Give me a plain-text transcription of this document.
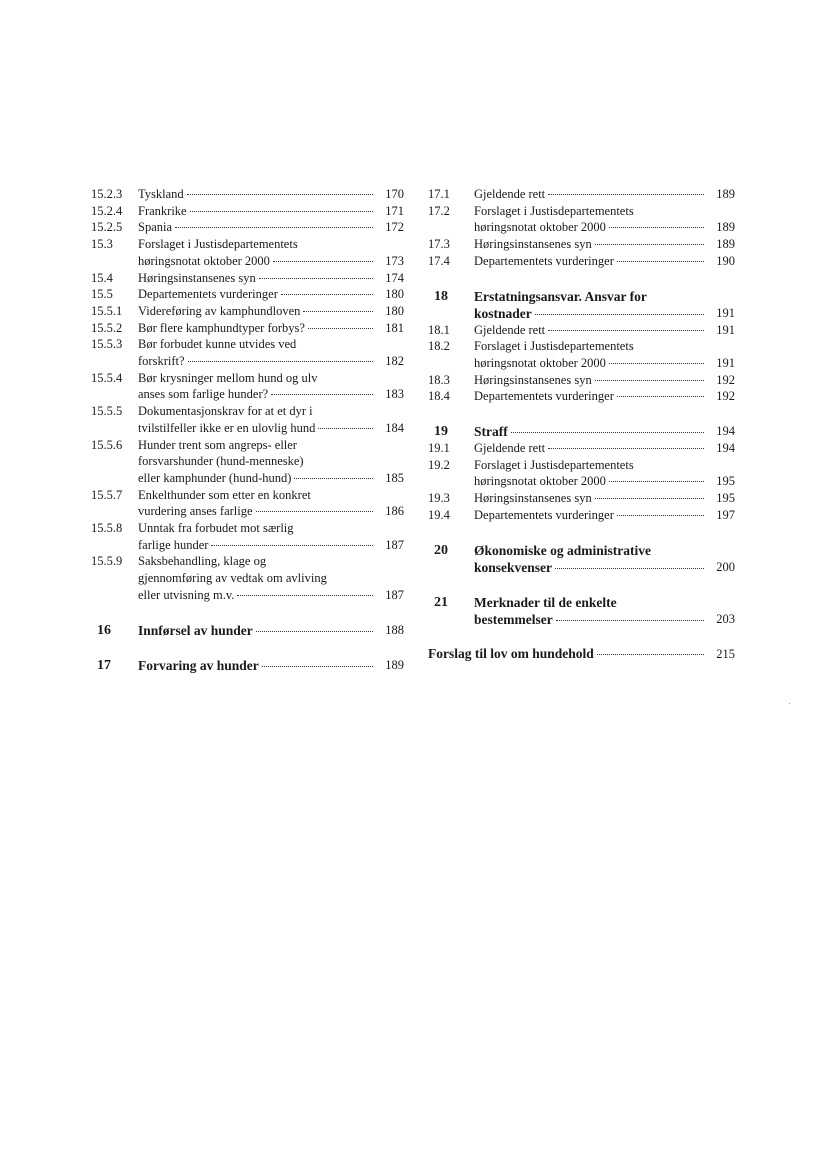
15.2.3	Tyskland	170
15.2.4	Frankrike	171
15.2.5	Spania	172
15.3	Forslaget i Justisdepartementets
høringsnotat oktober 2000	173
15.4	Høringsinstansenes syn	174
15.5	Departementets vurderinger	180
15.5.1	Videreføring av kamphundloven	180
15.5.2	Bør flere kamphundtyper forbys?	181
15.5.3	Bør forbudet kunne utvides ved
forskrift?	182
15.5.4	Bør krysninger mellom hund og ulv
anses som farlige hunder?	183
15.5.5	Dokumentasjonskrav for at et dyr i
tvilstilfeller ikke er en ulovlig hund	184
15.5.6	Hunder trent som angreps- eller
forsvarshunder (hund-menneske)
eller kamphunder (hund-hund)	185
15.5.7	Enkelthunder som etter en konkret
vurdering anses farlige	186
15.5.8	Unntak fra forbudet mot særlig
farlige hunder	187
15.5.9	Saksbehandling, klage og
gjennomføring av vedtak om avliving
eller utvisning m.v.	187
16	Innførsel av hunder	188
17	Forvaring av hunder	189
17.1	Gjeldende rett	189
17.2	Forslaget i Justisdepartementets
høringsnotat oktober 2000	189
17.3	Høringsinstansenes syn	189
17.4	Departementets vurderinger	190
18	Erstatningsansvar. Ansvar for
kostnader	191
18.1	Gjeldende rett	191
18.2	Forslaget i Justisdepartementets
høringsnotat oktober 2000	191
18.3	Høringsinstansenes syn	192
18.4	Departementets vurderinger	192
19	Straff	194
19.1	Gjeldende rett	194
19.2	Forslaget i Justisdepartementets
høringsnotat oktober 2000	195
19.3	Høringsinstansenes syn	195
19.4	Departementets vurderinger	197
20	Økonomiske og administrative
konsekvenser	200
21	Merknader til de enkelte
bestemmelser	203
Forslag til lov om hundehold	215
